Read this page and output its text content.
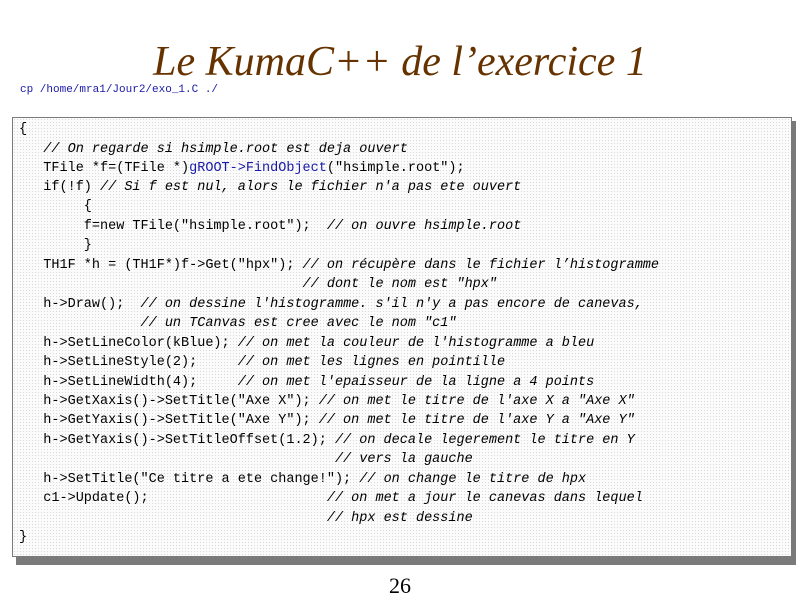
Le KumaC++ de l’exercice 1
cp /home/mra1/Jour2/exo_1.C ./
{
// On regarde si hsimple.root est deja ouvert
TFile *f=(TFile *)gROOT->FindObject("hsimple.root");
if(!f) // Si f est nul, alors le fichier n'a pas ete ouvert
{
f=new TFile("hsimple.root");  // on ouvre hsimple.root
}
TH1F *h = (TH1F*)f->Get("hpx"); // on récupère dans le fichier l’histogramme
// dont le nom est "hpx"
h->Draw();  // on dessine l'histogramme. s'il n'y a pas encore de canevas,
// un TCanvas est cree avec le nom "c1"
h->SetLineColor(kBlue); // on met la couleur de l'histogramme a bleu
h->SetLineStyle(2);     // on met les lignes en pointille
h->SetLineWidth(4);     // on met l'epaisseur de la ligne a 4 points
h->GetXaxis()->SetTitle("Axe X"); // on met le titre de l'axe X a "Axe X"
h->GetYaxis()->SetTitle("Axe Y"); // on met le titre de l'axe Y a "Axe Y"
h->GetYaxis()->SetTitleOffset(1.2); // on decale legerement le titre en Y
// vers la gauche
h->SetTitle("Ce titre a ete change!"); // on change le titre de hpx
c1->Update();                      // on met a jour le canevas dans lequel
// hpx est dessine
}
26
